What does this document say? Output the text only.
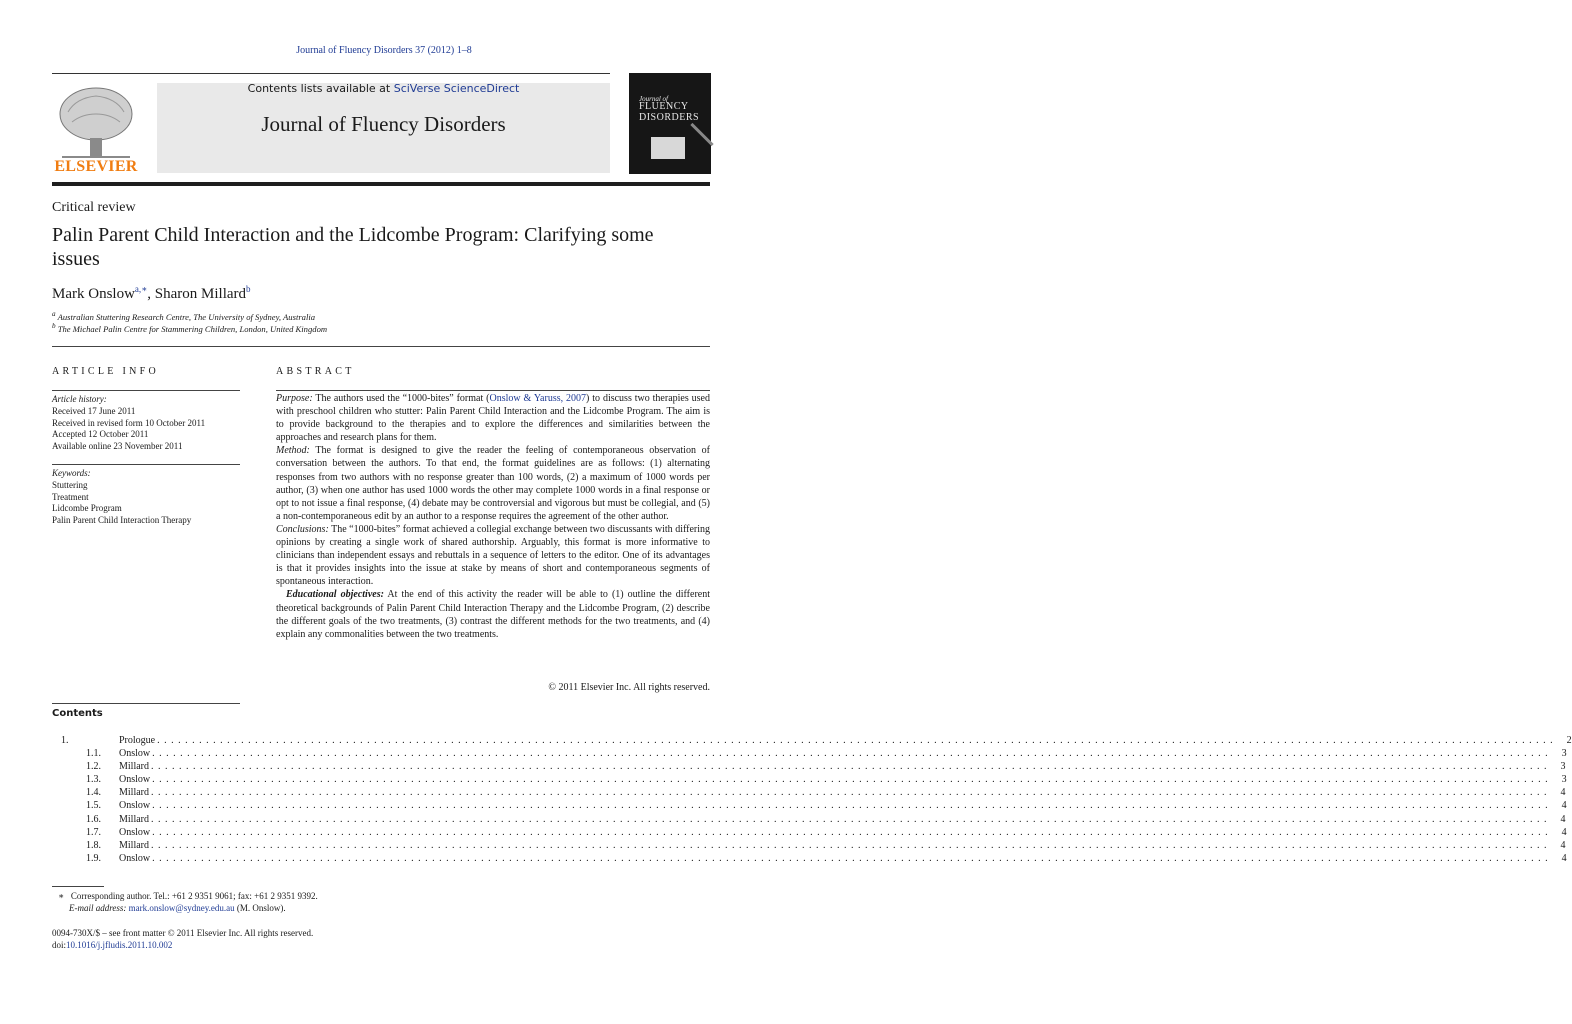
Journal of Fluency Disorders 37 (2012) 1–8
ELSEVIER
Contents lists available at SciVerse ScienceDirect
Journal of Fluency Disorders
Journal of
FLUENCY
DISORDERS
Critical review
Palin Parent Child Interaction and the Lidcombe Program: Clarifying some issues
Mark Onslow$^{a,∗}$, Sharon Millard$^b$
$^a$ Australian Stuttering Research Centre, The University of Sydney, Australia
$^b$ The Michael Palin Centre for Stammering Children, London, United Kingdom
ARTICLE INFO	ABSTRACT
Article history:
Received 17 June 2011
Received in revised form 10 October 2011
Accepted 12 October 2011
Available online 23 November 2011
Keywords:
Stuttering
Treatment
Lidcombe Program
Palin Parent Child Interaction Therapy

Purpose: The authors used the “1000-bites” format (Onslow & Yaruss, 2007) to discuss two therapies used with preschool children who stutter: Palin Parent Child Interaction and the Lidcombe Program. The aim is to provide background to the therapies and to explore the differences and similarities between the approaches and research plans for them.

Method: The format is designed to give the reader the feeling of contemporaneous observation of conversation between the authors. To that end, the format guidelines are as follows: (1) alternating responses from two authors with no response greater than 100 words, (2) a maximum of 1000 words per author, (3) when one author has used 1000 words the other may complete 1000 words in a final response or opt to not issue a final response, (4) debate may be controversial and vigorous but must be collegial, and (5) a non-contemporaneous edit by an author to a response requires the agreement of the other author.

Conclusions: The “1000-bites” format achieved a collegial exchange between two discussants with differing opinions by creating a single work of shared authorship. Arguably, this format is more informative to clinicians than independent essays and rebuttals in a sequence of letters to the editor. One of its advantages is that it provides insights into the issue at stake by means of short and contemporaneous segments of spontaneous interaction.

Educational objectives: At the end of this activity the reader will be able to (1) outline the different theoretical backgrounds of Palin Parent Child Interaction Therapy and the Lidcombe Program, (2) describe the different goals of the two treatments, (3) contrast the different methods for the two treatments, and (4) explain any commonalities between the two treatments.

© 2011 Elsevier Inc. All rights reserved.
Contents
1.	Prologue . . . . . . . . . . . . . . . . . . . . . . . . . . . . . . . . . . . . . . . . . . . . . . . . . . . . . . . . . . . . . . . . . . . . . . . . . . . . . . . . . . . . . . . . . . . . . . . . . . . . . . . . . . . . . . . . . . . . . . . . . . . . . . . . . . . . . . . . . . . . . . . . . . . . . . . . . . . . . . . . . . . . . . . . . . . . . . . . . . . . . . . . . . . . . . . . . . . . . . . .	2
1.1.	Onslow . . . . . . . . . . . . . . . . . . . . . . . . . . . . . . . . . . . . . . . . . . . . . . . . . . . . . . . . . . . . . . . . . . . . . . . . . . . . . . . . . . . . . . . . . . . . . . . . . . . . . . . . . . . . . . . . . . . . . . . . . . . . . . . . . . . . . . . . . . . . . . . . . . . . . . . . . . . . . . . . . . . . . . . . . . . . . . . . . . . . . . . . . . . . . . . . . . . . . . . .	3
1.2.	Millard . . . . . . . . . . . . . . . . . . . . . . . . . . . . . . . . . . . . . . . . . . . . . . . . . . . . . . . . . . . . . . . . . . . . . . . . . . . . . . . . . . . . . . . . . . . . . . . . . . . . . . . . . . . . . . . . . . . . . . . . . . . . . . . . . . . . . . . . . . . . . . . . . . . . . . . . . . . . . . . . . . . . . . . . . . . . . . . . . . . . . . . . . . . . . . . . . . . . . . . .	3
1.3.	Onslow . . . . . . . . . . . . . . . . . . . . . . . . . . . . . . . . . . . . . . . . . . . . . . . . . . . . . . . . . . . . . . . . . . . . . . . . . . . . . . . . . . . . . . . . . . . . . . . . . . . . . . . . . . . . . . . . . . . . . . . . . . . . . . . . . . . . . . . . . . . . . . . . . . . . . . . . . . . . . . . . . . . . . . . . . . . . . . . . . . . . . . . . . . . . . . . . . . . . . . . .	3
1.4.	Millard . . . . . . . . . . . . . . . . . . . . . . . . . . . . . . . . . . . . . . . . . . . . . . . . . . . . . . . . . . . . . . . . . . . . . . . . . . . . . . . . . . . . . . . . . . . . . . . . . . . . . . . . . . . . . . . . . . . . . . . . . . . . . . . . . . . . . . . . . . . . . . . . . . . . . . . . . . . . . . . . . . . . . . . . . . . . . . . . . . . . . . . . . . . . . . . . . . . . . . . .	4
1.5.	Onslow . . . . . . . . . . . . . . . . . . . . . . . . . . . . . . . . . . . . . . . . . . . . . . . . . . . . . . . . . . . . . . . . . . . . . . . . . . . . . . . . . . . . . . . . . . . . . . . . . . . . . . . . . . . . . . . . . . . . . . . . . . . . . . . . . . . . . . . . . . . . . . . . . . . . . . . . . . . . . . . . . . . . . . . . . . . . . . . . . . . . . . . . . . . . . . . . . . . . . . . .	4
1.6.	Millard . . . . . . . . . . . . . . . . . . . . . . . . . . . . . . . . . . . . . . . . . . . . . . . . . . . . . . . . . . . . . . . . . . . . . . . . . . . . . . . . . . . . . . . . . . . . . . . . . . . . . . . . . . . . . . . . . . . . . . . . . . . . . . . . . . . . . . . . . . . . . . . . . . . . . . . . . . . . . . . . . . . . . . . . . . . . . . . . . . . . . . . . . . . . . . . . . . . . . . . .	4
1.7.	Onslow . . . . . . . . . . . . . . . . . . . . . . . . . . . . . . . . . . . . . . . . . . . . . . . . . . . . . . . . . . . . . . . . . . . . . . . . . . . . . . . . . . . . . . . . . . . . . . . . . . . . . . . . . . . . . . . . . . . . . . . . . . . . . . . . . . . . . . . . . . . . . . . . . . . . . . . . . . . . . . . . . . . . . . . . . . . . . . . . . . . . . . . . . . . . . . . . . . . . . . . .	4
1.8.	Millard . . . . . . . . . . . . . . . . . . . . . . . . . . . . . . . . . . . . . . . . . . . . . . . . . . . . . . . . . . . . . . . . . . . . . . . . . . . . . . . . . . . . . . . . . . . . . . . . . . . . . . . . . . . . . . . . . . . . . . . . . . . . . . . . . . . . . . . . . . . . . . . . . . . . . . . . . . . . . . . . . . . . . . . . . . . . . . . . . . . . . . . . . . . . . . . . . . . . . . . .	4
1.9.	Onslow . . . . . . . . . . . . . . . . . . . . . . . . . . . . . . . . . . . . . . . . . . . . . . . . . . . . . . . . . . . . . . . . . . . . . . . . . . . . . . . . . . . . . . . . . . . . . . . . . . . . . . . . . . . . . . . . . . . . . . . . . . . . . . . . . . . . . . . . . . . . . . . . . . . . . . . . . . . . . . . . . . . . . . . . . . . . . . . . . . . . . . . . . . . . . . . . . . . . . . . .	4
∗ Corresponding author. Tel.: +61 2 9351 9061; fax: +61 2 9351 9392.
E-mail address: mark.onslow@sydney.edu.au (M. Onslow).
0094-730X/$ – see front matter © 2011 Elsevier Inc. All rights reserved.
doi:10.1016/j.jfludis.2011.10.002
